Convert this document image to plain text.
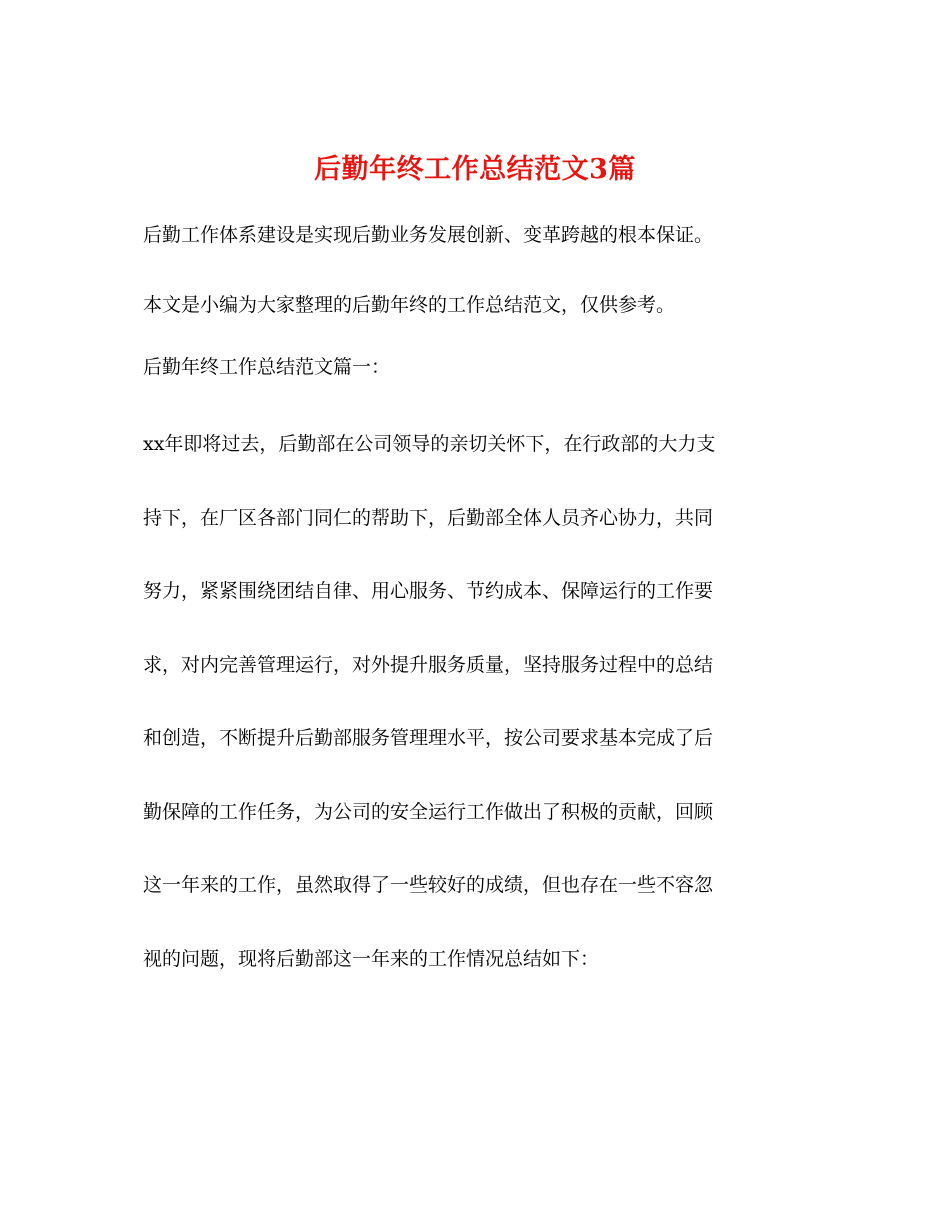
后勤年终工作总结范文3篇

后勤工作体系建设是实现后勤业务发展创新、变革跨越的根本保证。

本文是小编为大家整理的后勤年终的工作总结范文，仅供参考。

后勤年终工作总结范文篇一：

xx年即将过去，后勤部在公司领导的亲切关怀下，在行政部的大力支
持下，在厂区各部门同仁的帮助下，后勤部全体人员齐心协力，共同
努力，紧紧围绕团结自律、用心服务、节约成本、保障运行的工作要
求，对内完善管理运行，对外提升服务质量，坚持服务过程中的总结
和创造，不断提升后勤部服务管理理水平，按公司要求基本完成了后
勤保障的工作任务，为公司的安全运行工作做出了积极的贡献，回顾
这一年来的工作，虽然取得了一些较好的成绩，但也存在一些不容忽
视的问题，现将后勤部这一年来的工作情况总结如下：
